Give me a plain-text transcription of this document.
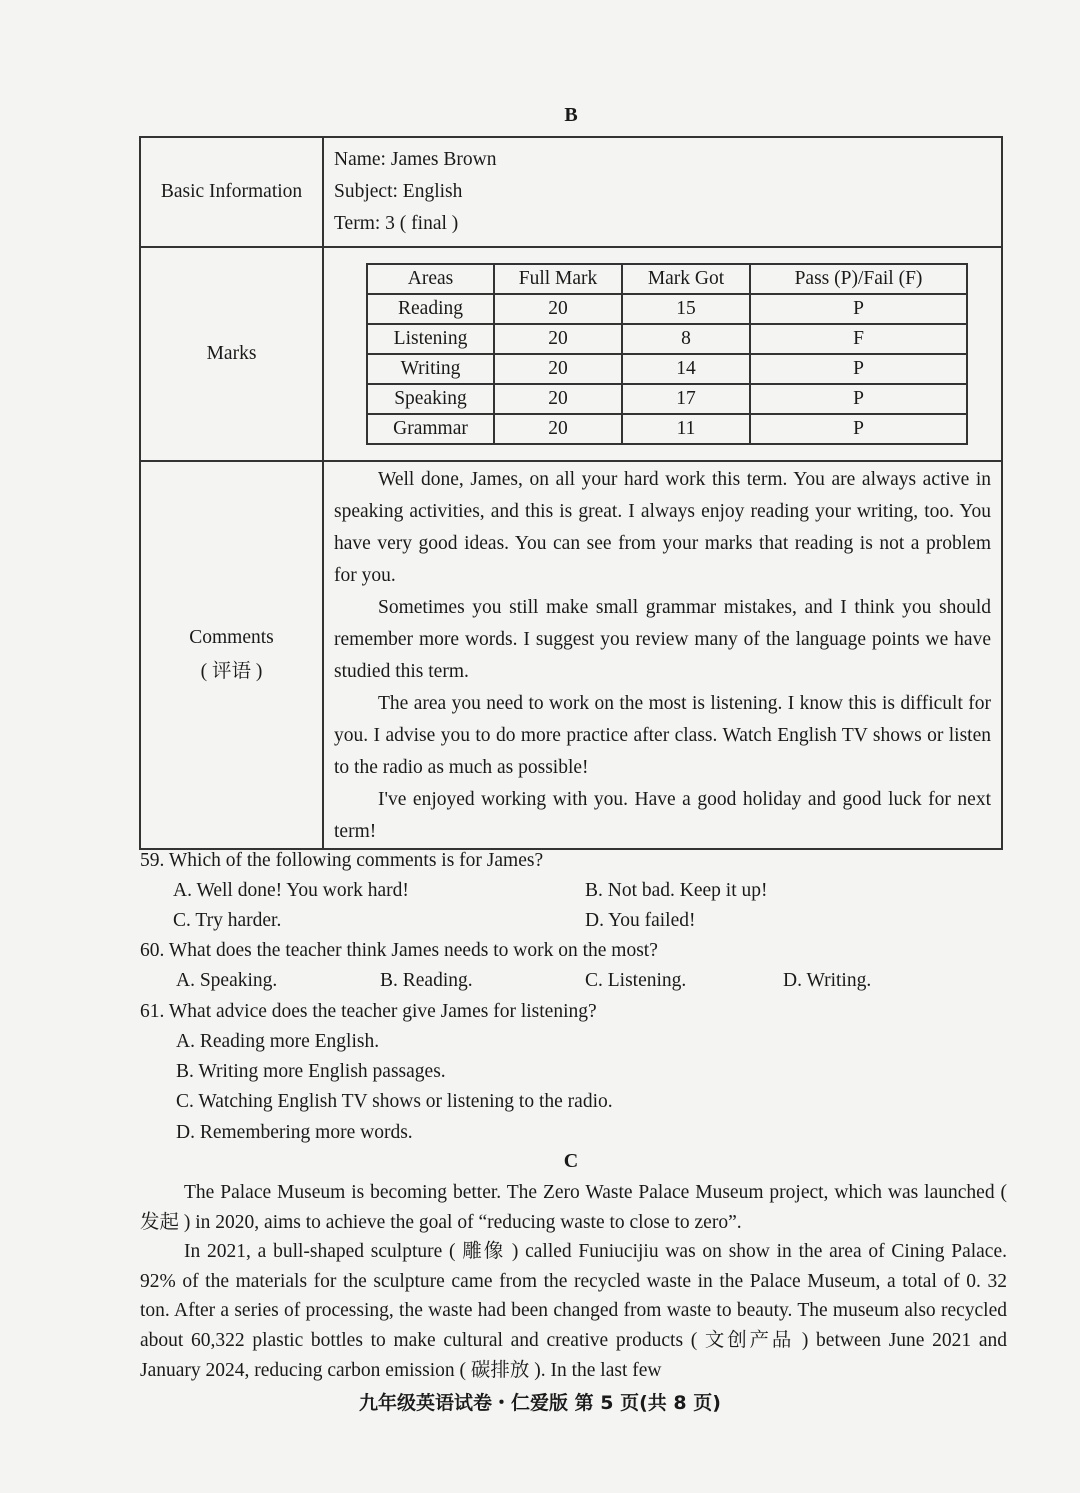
B
Basic Information	
Name: James Brown
Subject: English
Term: 3 ( final )

Marks	
Areas	Full Mark	Mark Got	Pass (P)/Fail (F)
Reading	20	15	P
Listening	20	8	F
Writing	20	14	P
Speaking	20	17	P
Grammar	20	11	P

Comments
( 评语 )

Well done, James, on all your hard work this term. You are always active in speaking activities, and this is great. I always enjoy reading your writing, too. You have very good ideas. You can see from your marks that reading is not a problem for you.

Sometimes you still make small grammar mistakes, and I think you should remember more words. I suggest you review many of the language points we have studied this term.

The area you need to work on the most is listening. I know this is difficult for you. I advise you to do more practice after class. Watch English TV shows or listen to the radio as much as possible!

I've enjoyed working with you. Have a good holiday and good luck for next term!

59. Which of the following comments is for James?
A. Well done! You work hard!	B. Not bad. Keep it up!
C. Try harder.	D. You failed!
60. What does the teacher think James needs to work on the most?
A. Speaking.	B. Reading.	C. Listening.	D. Writing.
61. What advice does the teacher give James for listening?
A. Reading more English.
B. Writing more English passages.
C. Watching English TV shows or listening to the radio.
D. Remembering more words.
C

The Palace Museum is becoming better. The Zero Waste Palace Museum project, which was launched ( 发起 ) in 2020, aims to achieve the goal of “reducing waste to close to zero”.

In 2021, a bull-shaped sculpture ( 雕像 ) called Funiucijiu was on show in the area of Cining Palace. 92% of the materials for the sculpture came from the recycled waste in the Palace Museum, a total of 0. 32 ton. After a series of processing, the waste had been changed from waste to beauty. The museum also recycled about 60,322 plastic bottles to make cultural and creative products ( 文创产品 ) between June 2021 and January 2024, reducing carbon emission ( 碳排放 ). In the last few

九年级英语试卷・仁爱版 第 5 页(共 8 页)
